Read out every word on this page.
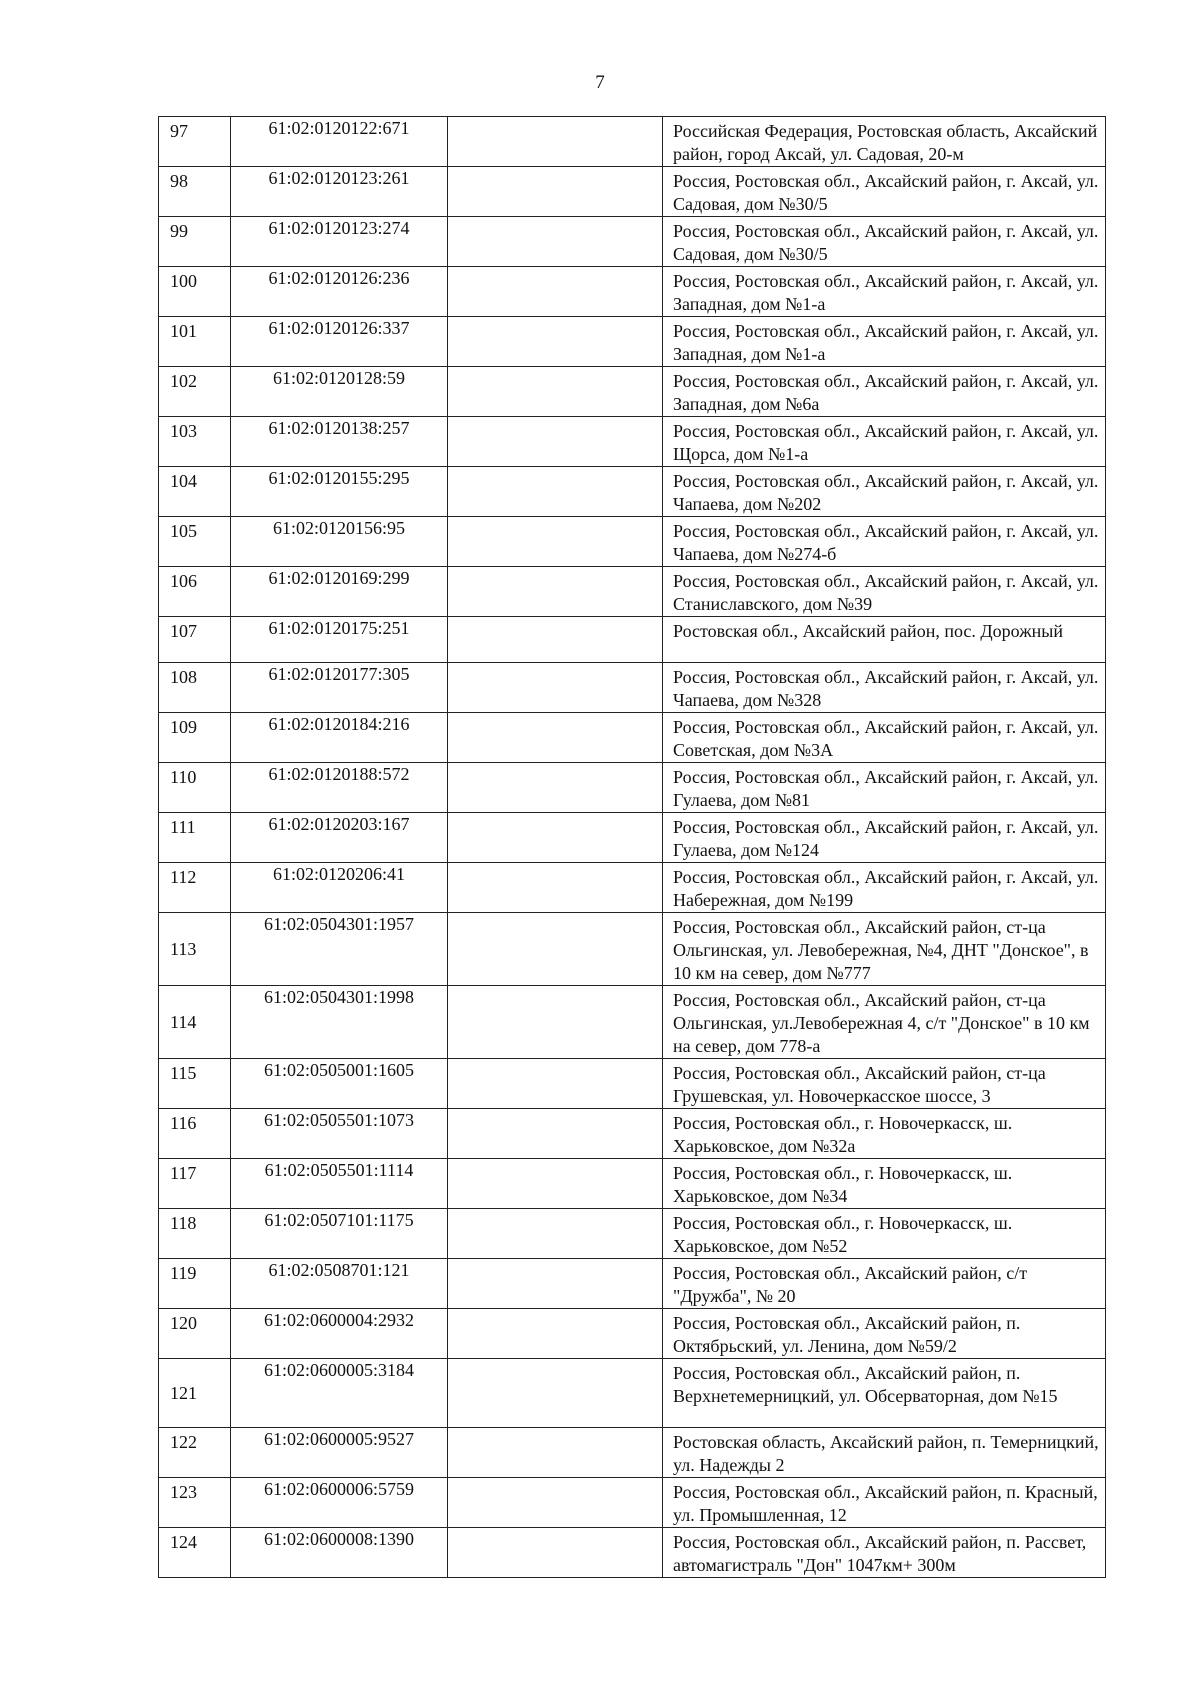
7
97	61:02:0120122:671		Российская Федерация, Ростовская область, Аксайский район, город Аксай, ул. Садовая, 20-м
98	61:02:0120123:261		Россия, Ростовская обл., Аксайский район, г. Аксай, ул. Садовая, дом №30/5
99	61:02:0120123:274		Россия, Ростовская обл., Аксайский район, г. Аксай, ул. Садовая, дом №30/5
100	61:02:0120126:236		Россия, Ростовская обл., Аксайский район, г. Аксай, ул. Западная, дом №1-а
101	61:02:0120126:337		Россия, Ростовская обл., Аксайский район, г. Аксай, ул. Западная, дом №1-а
102	61:02:0120128:59		Россия, Ростовская обл., Аксайский район, г. Аксай, ул. Западная, дом №6а
103	61:02:0120138:257		Россия, Ростовская обл., Аксайский район, г. Аксай, ул. Щорса, дом №1-а
104	61:02:0120155:295		Россия, Ростовская обл., Аксайский район, г. Аксай, ул. Чапаева, дом №202
105	61:02:0120156:95		Россия, Ростовская обл., Аксайский район, г. Аксай, ул. Чапаева, дом №274-б
106	61:02:0120169:299		Россия, Ростовская обл., Аксайский район, г. Аксай, ул. Станиславского, дом №39
107	61:02:0120175:251		Ростовская обл., Аксайский район, пос. Дорожный
108	61:02:0120177:305		Россия, Ростовская обл., Аксайский район, г. Аксай, ул. Чапаева, дом №328
109	61:02:0120184:216		Россия, Ростовская обл., Аксайский район, г. Аксай, ул. Советская, дом №3А
110	61:02:0120188:572		Россия, Ростовская обл., Аксайский район, г. Аксай, ул. Гулаева, дом №81
111	61:02:0120203:167		Россия, Ростовская обл., Аксайский район, г. Аксай, ул. Гулаева, дом №124
112	61:02:0120206:41		Россия, Ростовская обл., Аксайский район, г. Аксай, ул. Набережная, дом №199
113	61:02:0504301:1957		Россия, Ростовская обл., Аксайский район, ст-ца Ольгинская, ул. Левобережная, №4, ДНТ "Донское", в 10 км на север, дом №777
114	61:02:0504301:1998		Россия, Ростовская обл., Аксайский район, ст-ца Ольгинская, ул.Левобережная 4, с/т "Донское" в 10 км на север, дом 778-а
115	61:02:0505001:1605		Россия, Ростовская обл., Аксайский район, ст-ца Грушевская, ул. Новочеркасское шоссе, 3
116	61:02:0505501:1073		Россия, Ростовская обл., г. Новочеркасск, ш. Харьковское, дом №32а
117	61:02:0505501:1114		Россия, Ростовская обл., г. Новочеркасск, ш. Харьковское, дом №34
118	61:02:0507101:1175		Россия, Ростовская обл., г. Новочеркасск, ш. Харьковское, дом №52
119	61:02:0508701:121		Россия, Ростовская обл., Аксайский район, с/т "Дружба", № 20
120	61:02:0600004:2932		Россия, Ростовская обл., Аксайский район, п. Октябрьский, ул. Ленина, дом №59/2
121	61:02:0600005:3184		Россия, Ростовская обл., Аксайский район, п. Верхнетемерницкий, ул. Обсерваторная, дом №15
122	61:02:0600005:9527		Ростовская область, Аксайский район, п. Темерницкий, ул. Надежды 2
123	61:02:0600006:5759		Россия, Ростовская обл., Аксайский район, п. Красный, ул. Промышленная, 12
124	61:02:0600008:1390		Россия, Ростовская обл., Аксайский район, п. Рассвет, автомагистраль "Дон" 1047км+ 300м
